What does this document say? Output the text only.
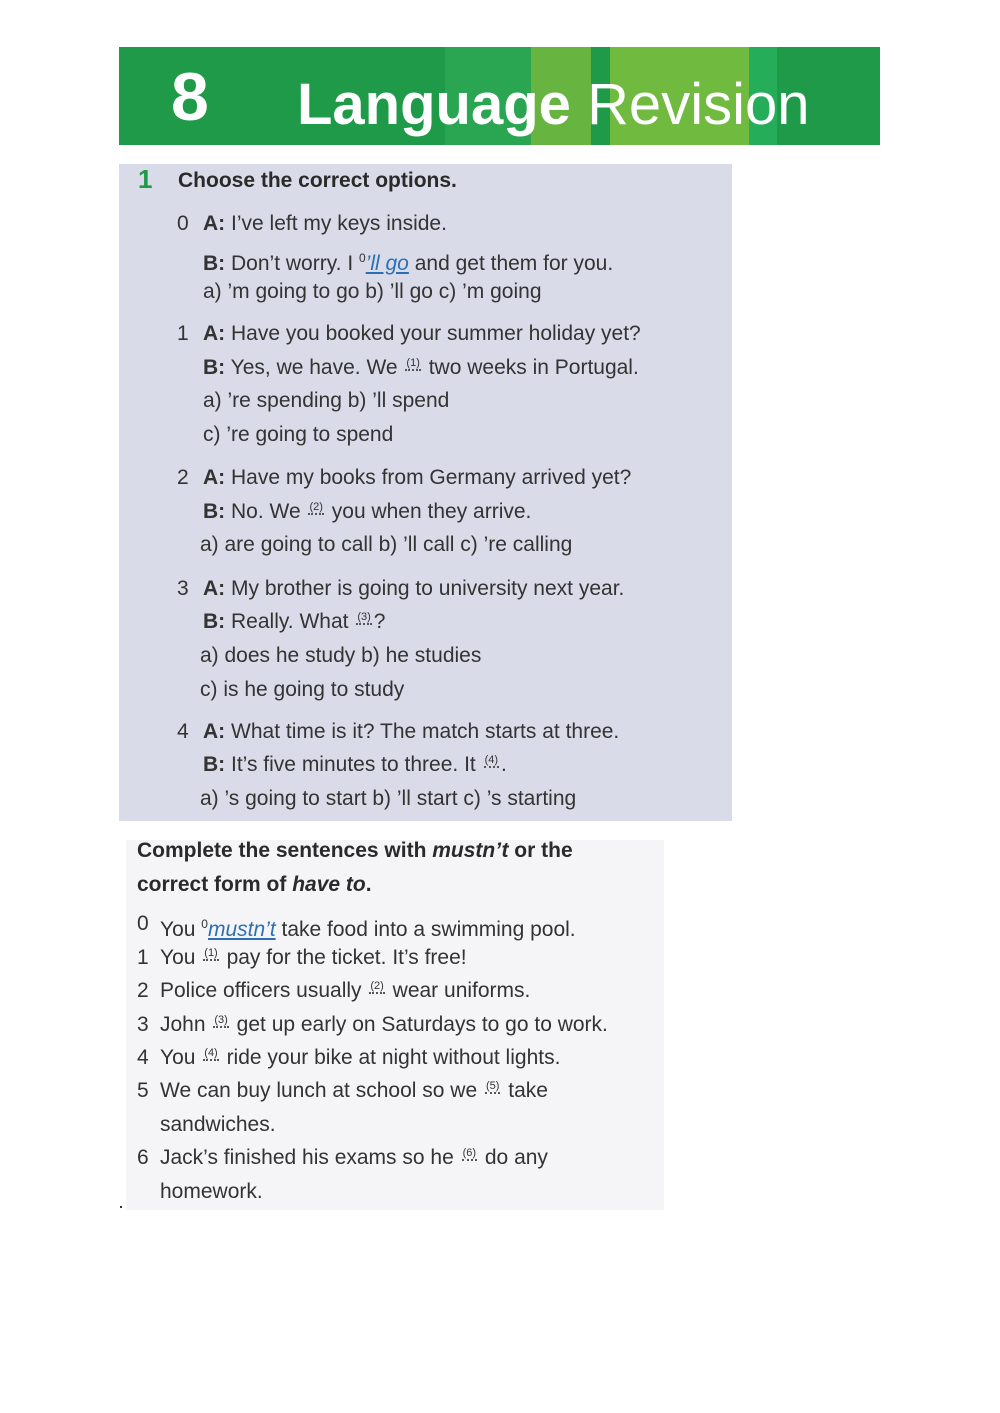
8 Language Revision
1 Choose the correct options.
0 A: I’ve left my keys inside.
B: Don’t worry. I $^0$’ll go and get them for you.
a) ’m going to go b) ’ll go c) ’m going
1 A: Have you booked your summer holiday yet?
B: Yes, we have. We (1) two weeks in Portugal.
a) ’re spending b) ’ll spend
c) ’re going to spend
2 A: Have my books from Germany arrived yet?
B: No. We (2) you when they arrive.
a) are going to call b) ’ll call c) ’re calling
3 A: My brother is going to university next year.
B: Really. What (3) ?
a) does he study b) he studies
c) is he going to study
4 A: What time is it? The match starts at three.
B: It’s five minutes to three. It (4) .
a) ’s going to start b) ’ll start c) ’s starting
Complete the sentences with mustn’t or the
correct form of have to.
0 You $^0$mustn’t take food into a swimming pool.
1 You (1) pay for the ticket. It’s free!
2 Police officers usually (2) wear uniforms.
3 John (3) get up early on Saturdays to go to work.
4 You (4) ride your bike at night without lights.
5 We can buy lunch at school so we (5) take
sandwiches.
6 Jack’s finished his exams so he (6) do any
homework.
